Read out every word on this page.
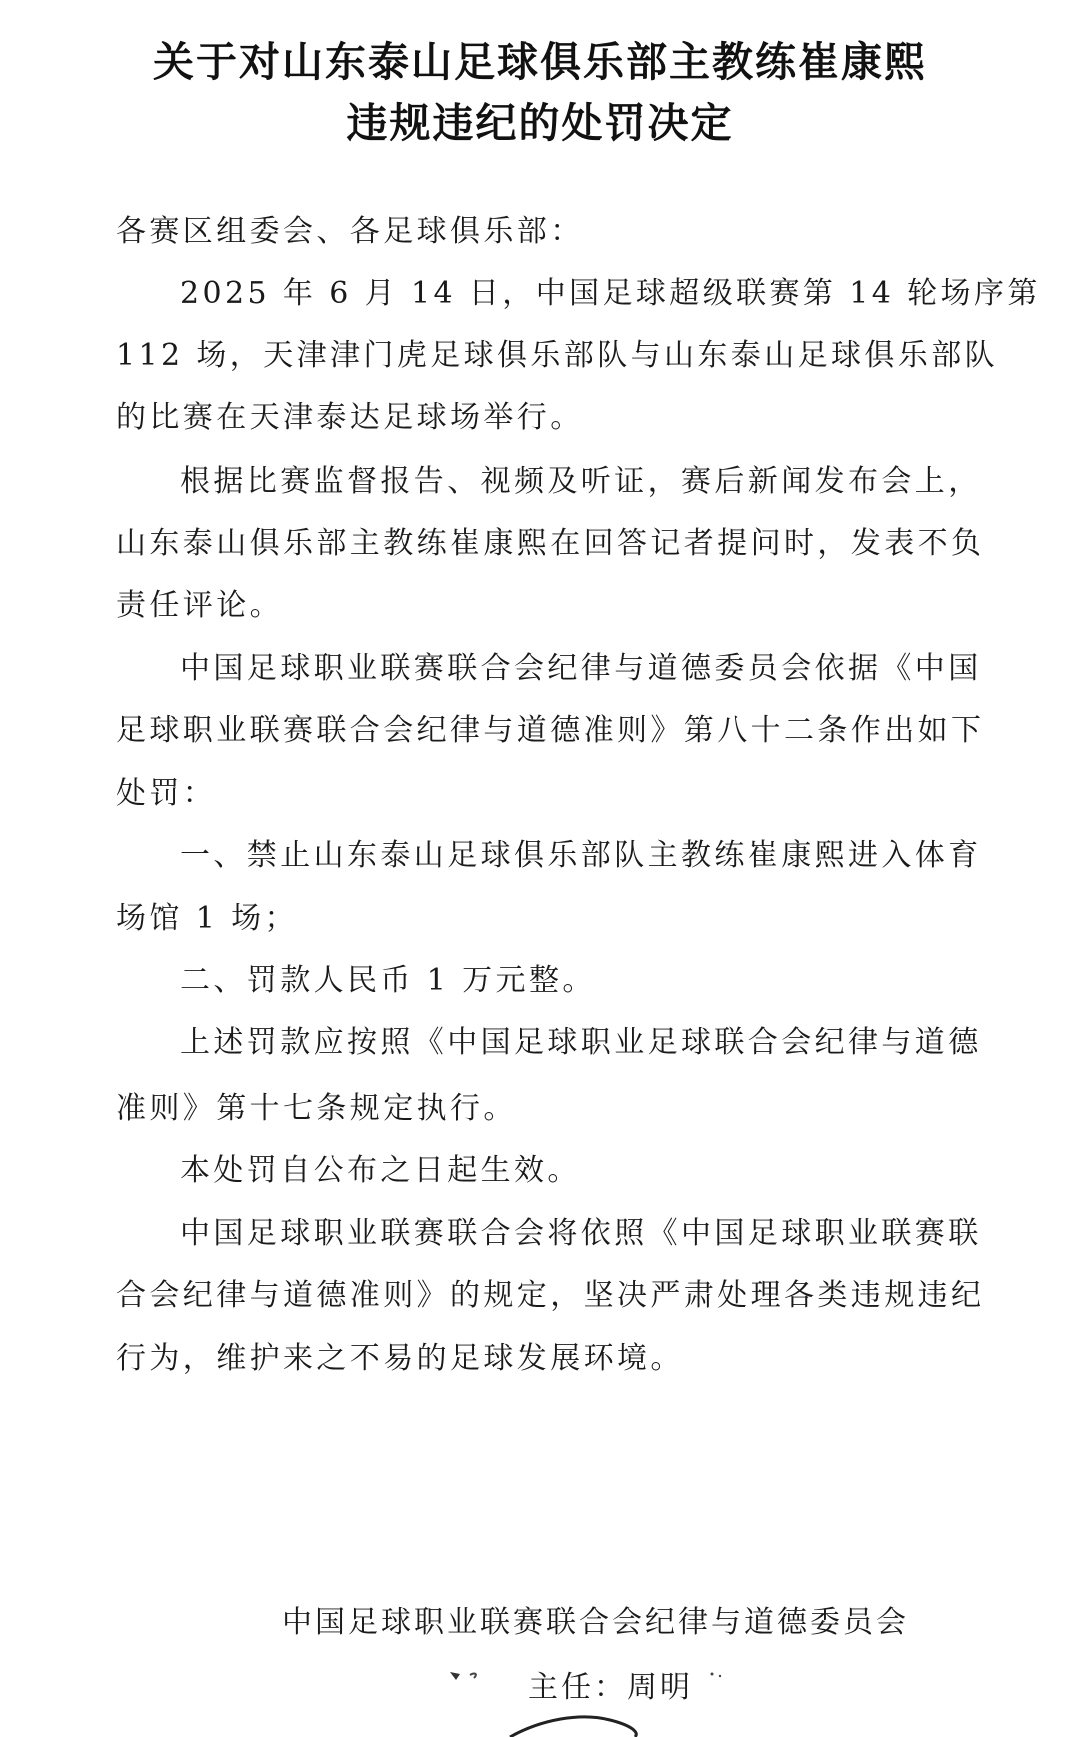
关于对山东泰山足球俱乐部主教练崔康熙
违规违纪的处罚决定
各赛区组委会、各足球俱乐部：
2025 年 6 月 14 日，中国足球超级联赛第 14 轮场序第
112 场，天津津门虎足球俱乐部队与山东泰山足球俱乐部队
的比赛在天津泰达足球场举行。
根据比赛监督报告、视频及听证，赛后新闻发布会上，
山东泰山俱乐部主教练崔康熙在回答记者提问时，发表不负
责任评论。
中国足球职业联赛联合会纪律与道德委员会依据《中国
足球职业联赛联合会纪律与道德准则》第八十二条作出如下
处罚：
一、禁止山东泰山足球俱乐部队主教练崔康熙进入体育
场馆 1 场；
二、罚款人民币 1 万元整。
上述罚款应按照《中国足球职业足球联合会纪律与道德
准则》第十七条规定执行。
本处罚自公布之日起生效。
中国足球职业联赛联合会将依照《中国足球职业联赛联
合会纪律与道德准则》的规定，坚决严肃处理各类违规违纪
行为，维护来之不易的足球发展环境。
中国足球职业联赛联合会纪律与道德委员会
主任：周明
